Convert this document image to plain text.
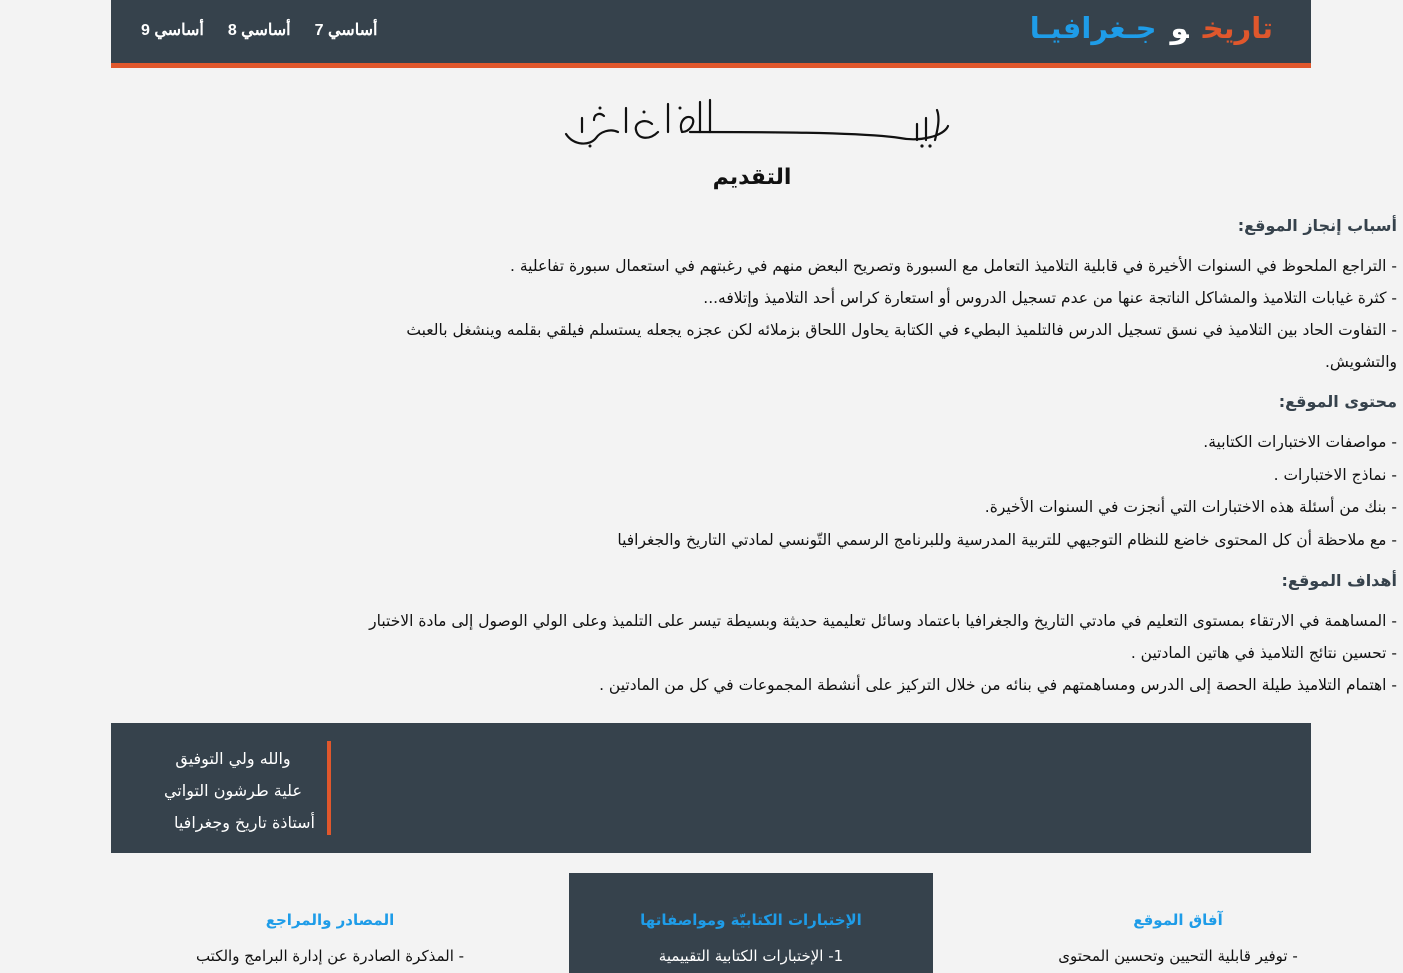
9 أساسي 8 أساسي 7 أساسي	تاريخوجـغرافيـا
التقديم
أسباب إنجاز الموقع:
- التراجع الملحوظ في السنوات الأخيرة في قابلية التلاميذ التعامل مع السبورة وتصريح البعض منهم في رغبتهم في استعمال سبورة تفاعلية .
- كثرة غيابات التلاميذ والمشاكل الناتجة عنها من عدم تسجيل الدروس أو استعارة كراس أحد التلاميذ وإتلافه...
- التفاوت الحاد بين التلاميذ في نسق تسجيل الدرس فالتلميذ البطيء في الكتابة يحاول اللحاق بزملائه لكن عجزه يجعله يستسلم فيلقي بقلمه وينشغل بالعبث
والتشويش.
محتوى الموقع:
- مواصفات الاختبارات الكتابية.
- نماذج الاختبارات .
- بنك من أسئلة هذه الاختبارات التي أنجزت في السنوات الأخيرة.
- مع ملاحظة أن كل المحتوى خاضع للنظام التوجيهي للتربية المدرسية وللبرنامج الرسمي التّونسي لمادتي التاريخ والجغرافيا
أهداف الموقع:
- المساهمة في الارتقاء بمستوى التعليم في مادتي التاريخ والجغرافيا باعتماد وسائل تعليمية حديثة وبسيطة تيسر على التلميذ وعلى الولي الوصول إلى مادة الاختبار
- تحسين نتائج التلاميذ في هاتين المادتين .
- اهتمام التلاميذ طيلة الحصة إلى الدرس ومساهمتهم في بنائه من خلال التركيز على أنشطة المجموعات في كل من المادتين .
والله ولي التوفيق
علية طرشون التواتي
أستاذة تاريخ وجغرافيا
المصادر والمراجع
- المذكرة الصادرة عن إدارة البرامج والكتب
الإختبارات الكتابيّة ومواصفاتها
1- الإختبارات الكتابية التقييمية
آفاق الموقع
- توفير قابلية التحيين وتحسين المحتوى
